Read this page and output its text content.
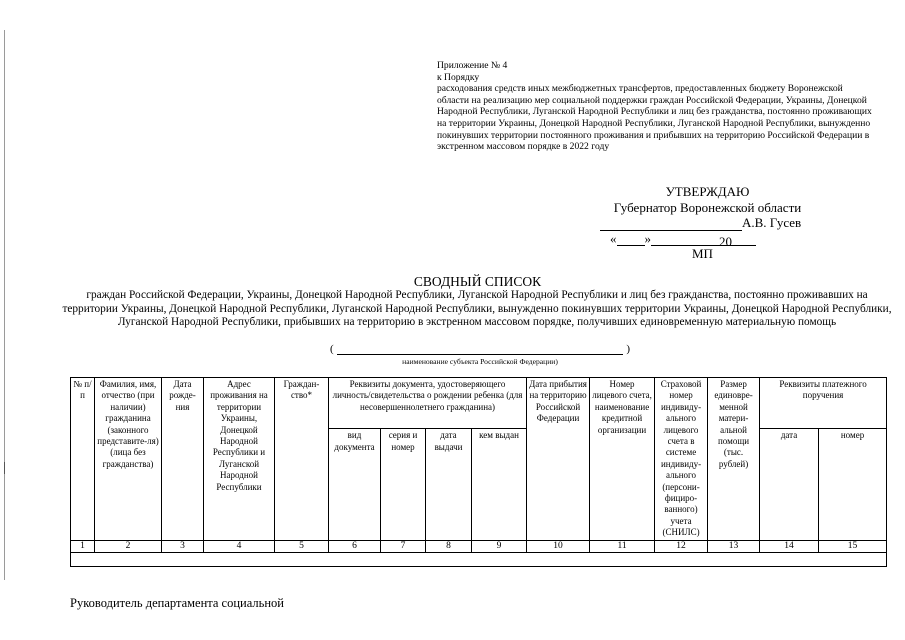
Приложение № 4
к Порядку
расходования средств иных межбюджетных трансфертов, предоставленных бюджету Воронежской области на реализацию мер социальной поддержки граждан Российской Федерации, Украины, Донецкой Народной Республики, Луганской Народной Республики и лиц без гражданства, постоянно проживающих на территории Украины, Донецкой Народной Республики, Луганской Народной Республики, вынужденно покинувших территории постоянного проживания и прибывших на территорию Российской Федерации в экстренном массовом порядке в 2022 году
УТВЕРЖДАЮ
Губернатор Воронежской области
А.В. Гусев
« »	20
МП
СВОДНЫЙ СПИСОК
граждан Российской Федерации, Украины, Донецкой Народной Республики, Луганской Народной Республики и лиц без гражданства, постоянно проживавших на территории Украины, Донецкой Народной Республики, Луганской Народной Республики, вынужденно покинувших территории Украины, Донецкой Народной Республики, Луганской Народной Республики, прибывших на территорию в экстренном массовом порядке, получивших единовременную материальную помощь
(	)
наименование субъекта Российской Федерации)
№ п/п	Фамилия, имя, отчество (при наличии) гражданина (законного представите-ля) (лица без гражданства)	Дата рожде-ния	Адрес проживания на территории Украины, Донецкой Народной Республики и Луганской Народной Республики	Граждан-ство*	Реквизиты документа, удостоверяющего личность/свидетельства о рождении ребенка (для несовершеннолетнего гражданина)				Дата прибытия на территорию Российской Федерации	Номер лицевого счета, наименование кредитной организации	Страховой номер индивиду-ального лицевого счета в системе индивиду-ального (персони-фициро-ванного) учета (СНИЛС)	Размер единовре-менной матери-альной помощи (тыс. рублей)	Реквизиты платежного поручения	
					вид документа	серия и номер	дата выдачи	кем выдан					дата	номер
1	2	3	4	5	6	7	8	9	10	11	12	13	14	15

Руководитель департамента социальной
